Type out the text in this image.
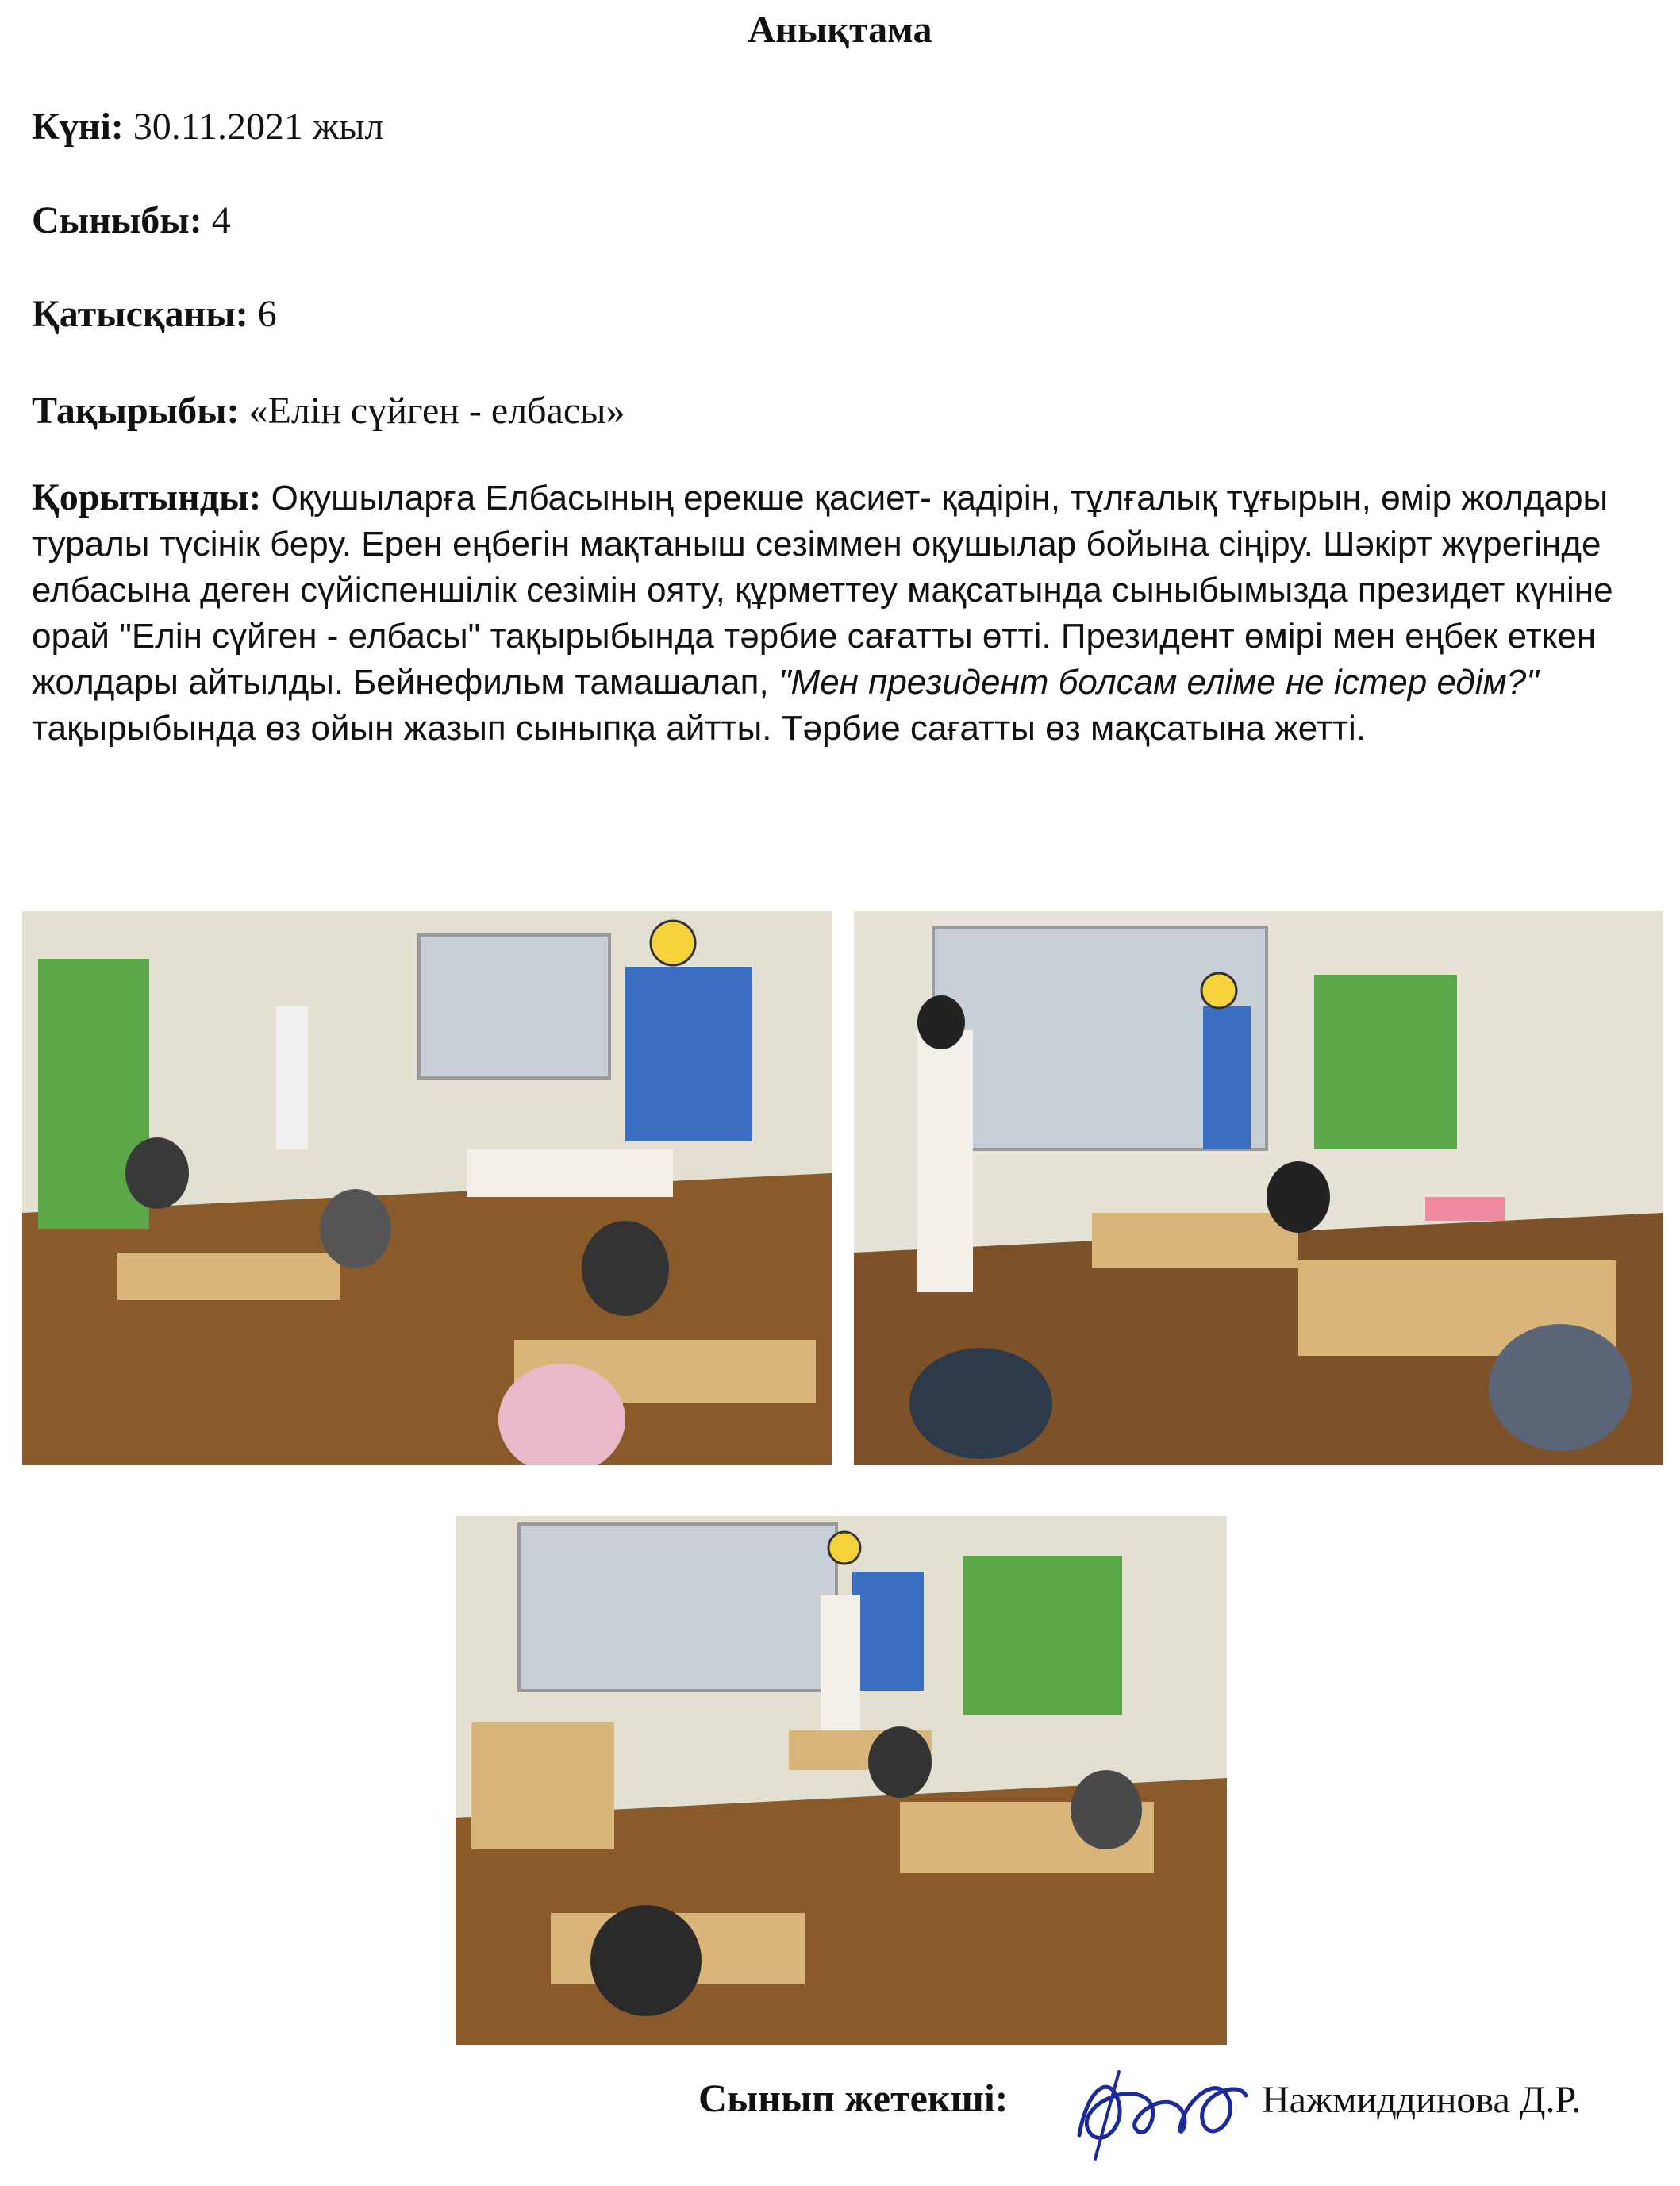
Анықтама
Күні: 30.11.2021 жыл
Сыныбы: 4
Қатысқаны: 6
Тақырыбы: «Елін сүйген - елбасы»
Қорытынды: Оқушыларға Елбасының ерекше қасиет- қадірін, тұлғалық тұғырын, өмір жолдары туралы түсінік беру. Ерен еңбегін мақтаныш сезіммен оқушылар бойына сіңіру. Шәкірт жүрегінде елбасына деген сүйіспеншілік сезімін ояту, құрметтеу мақсатында сыныбымызда президет күніне орай "Елін сүйген - елбасы" тақырыбында тәрбие сағатты өтті. Президент өмірі мен еңбек еткен жолдары айтылды. Бейнефильм тамашалап, "Мен президент болсам еліме не істер едім?" тақырыбында өз ойын жазып сыныпқа айтты. Тәрбие сағатты өз мақсатына жетті.
Сынып жетекші:	Нажмиддинова Д.Р.
